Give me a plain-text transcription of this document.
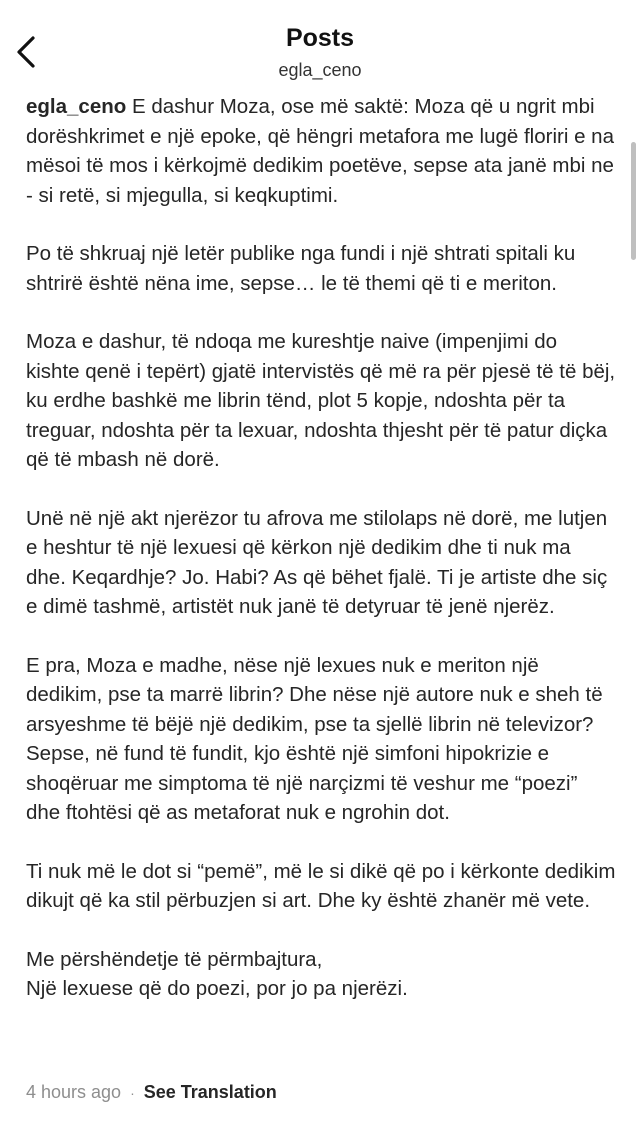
Posts
egla_ceno

egla_ceno E dashur Moza, ose më saktë: Moza që u ngrit mbi dorëshkrimet e një epoke, që hëngri metafora me lugë floriri e na mësoi të mos i kërkojmë dedikim poetëve, sepse ata janë mbi ne - si retë, si mjegulla, si keqkuptimi.

Po të shkruaj një letër publike nga fundi i një shtrati spitali ku shtrirë është nëna ime, sepse… le të themi që ti e meriton.

Moza e dashur, të ndoqa me kureshtje naive (impenjimi do kishte qenë i tepërt) gjatë intervistës që më ra për pjesë të të bëj, ku erdhe bashkë me librin tënd, plot 5 kopje, ndoshta për ta treguar, ndoshta për ta lexuar, ndoshta thjesht për të patur diçka që të mbash në dorë.

Unë në një akt njerëzor tu afrova me stilolaps në dorë, me lutjen e heshtur të një lexuesi që kërkon një dedikim dhe ti nuk ma dhe. Keqardhje? Jo. Habi? As që bëhet fjalë. Ti je artiste dhe siç e dimë tashmë, artistët nuk janë të detyruar të jenë njerëz.

E pra, Moza e madhe, nëse një lexues nuk e meriton një dedikim, pse ta marrë librin? Dhe nëse një autore nuk e sheh të arsyeshme të bëjë një dedikim, pse ta sjellë librin në televizor? Sepse, në fund të fundit, kjo është një simfoni hipokrizie e shoqëruar me simptoma të një narçizmi të veshur me “poezi” dhe ftohtësi që as metaforat nuk e ngrohin dot.

Ti nuk më le dot si “pemë”, më le si dikë që po i kërkonte dedikim dikujt që ka stil përbuzjen si art. Dhe ky është zhanër më vete.

Me përshëndetje të përmbajtura,
Një lexuese që do poezi, por jo pa njerëzi.

4 hours ago · See Translation
